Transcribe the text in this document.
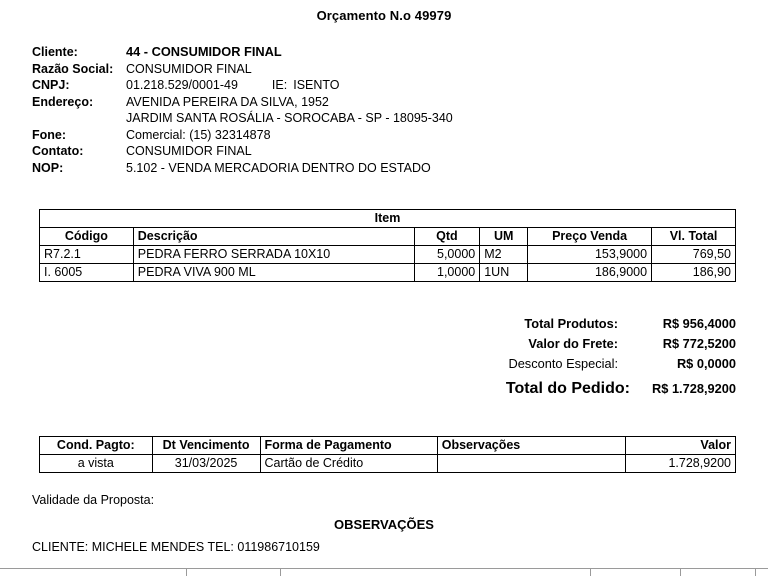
Orçamento N.o 49979
Cliente:	44 - CONSUMIDOR FINAL
Razão Social:	CONSUMIDOR FINAL
CNPJ:	01.218.529/0001-49	IE: ISENTO
Endereço:	AVENIDA PEREIRA DA SILVA, 1952
JARDIM SANTA ROSÁLIA - SOROCABA - SP - 18095-340
Fone:	Comercial: (15) 32314878
Contato:	CONSUMIDOR FINAL
NOP:	5.102 - VENDA MERCADORIA DENTRO DO ESTADO
Item					
Código	Descrição	Qtd	UM	Preço Venda	Vl. Total
R7.2.1	PEDRA FERRO SERRADA 10X10	5,0000	M2	153,9000	769,50
I. 6005	PEDRA VIVA 900 ML	1,0000	1UN	186,9000	186,90
Total Produtos:	R$ 956,4000
Valor do Frete:	R$ 772,5200
Desconto Especial:	R$ 0,0000
Total do Pedido:	R$ 1.728,9200
Cond. Pagto:	Dt Vencimento	Forma de Pagamento	Observações	Valor
a vista	31/03/2025	Cartão de Crédito		1.728,9200
Validade da Proposta:
OBSERVAÇÕES
CLIENTE: MICHELE MENDES TEL: 011986710159
